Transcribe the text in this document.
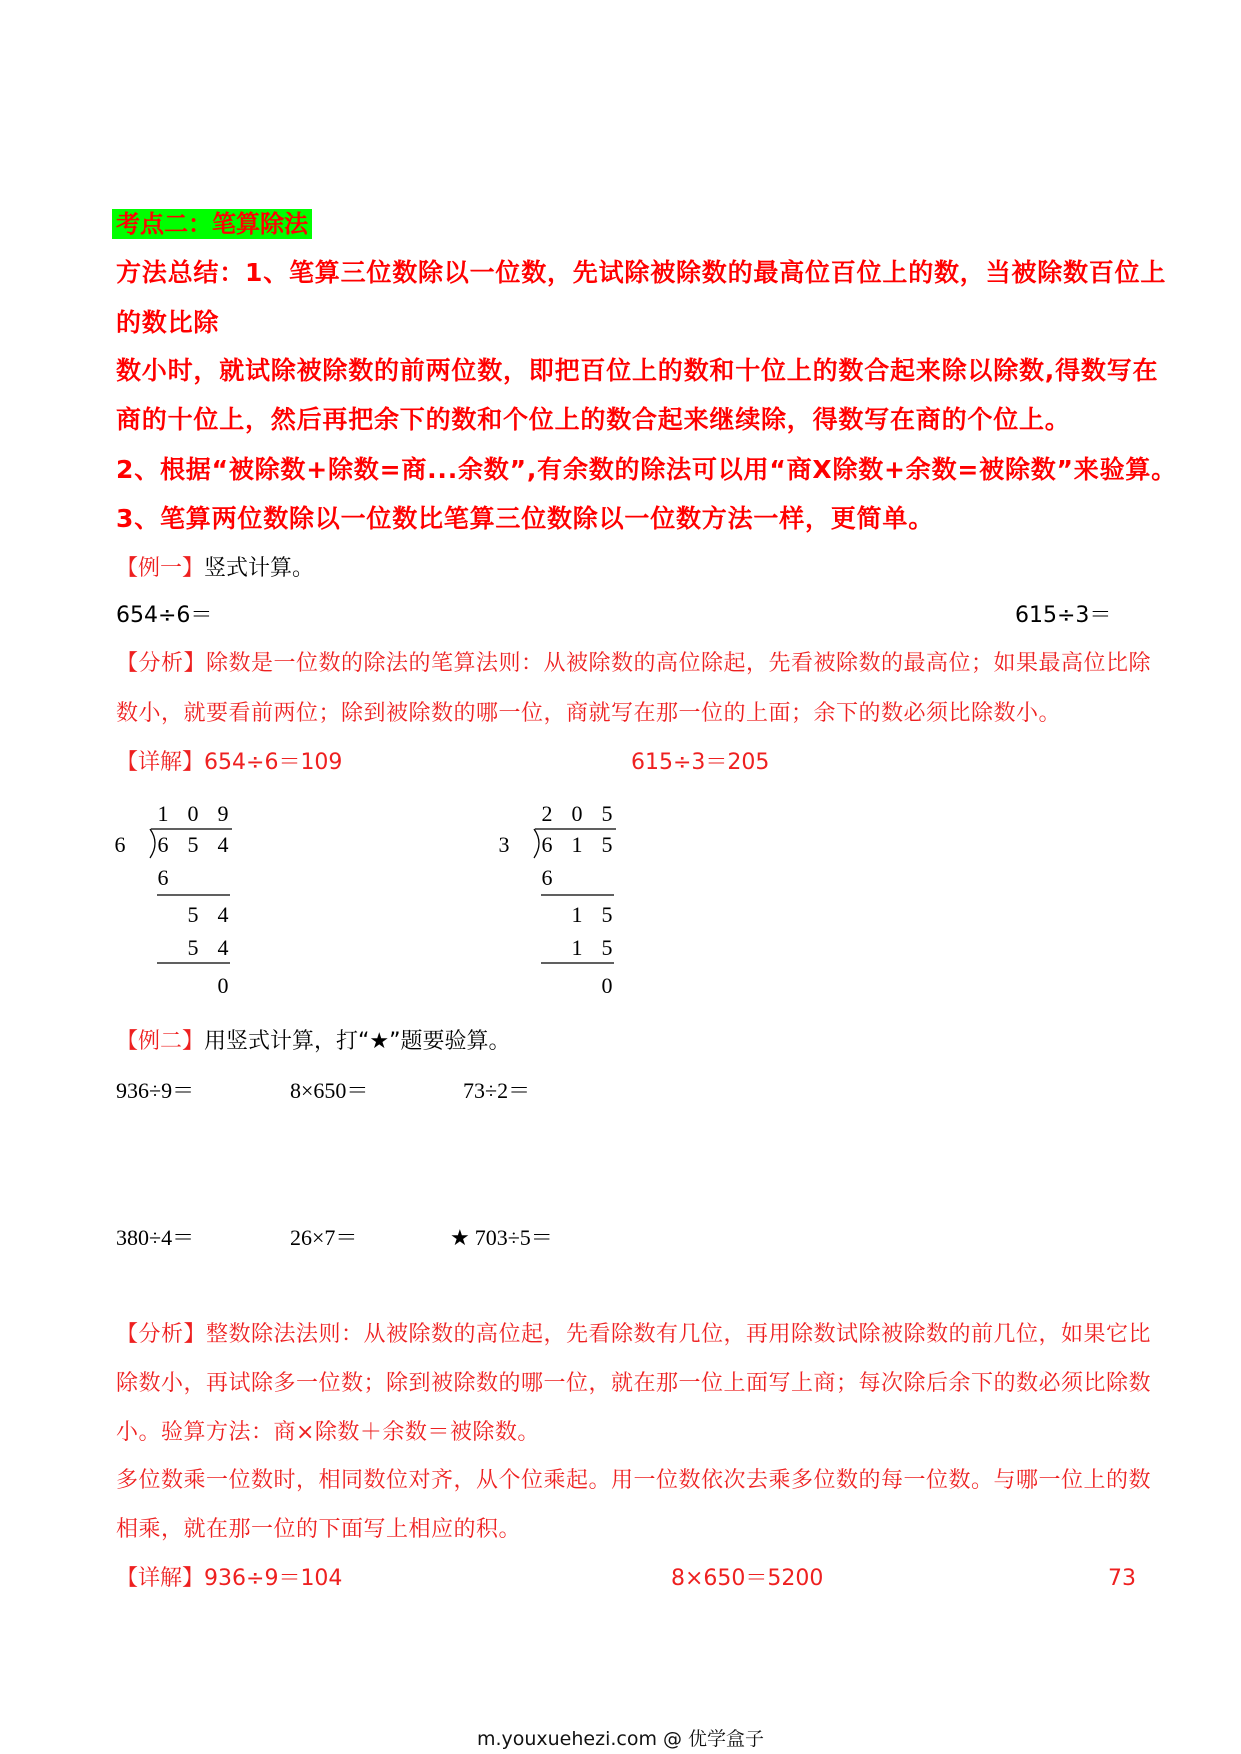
考点二：笔算除法
方法总结：1、笔算三位数除以一位数，先试除被除数的最高位百位上的数，当被除数百位上
的数比除
数小时，就试除被除数的前两位数，即把百位上的数和十位上的数合起来除以除数,得数写在
商的十位上，然后再把余下的数和个位上的数合起来继续除，得数写在商的个位上。
2、根据“被除数+除数=商...余数”,有余数的除法可以用“商X除数+余数=被除数”来验算。
3、笔算两位数除以一位数比笔算三位数除以一位数方法一样，更简单。
【例一】竖式计算。
654÷6＝	615÷3＝
【分析】除数是一位数的除法的笔算法则：从被除数的高位除起，先看被除数的最高位；如果最高位比除
数小，就要看前两位；除到被除数的哪一位，商就写在那一位的上面；余下的数必须比除数小。
【详解】654÷6＝109	615÷3＝205
1 0 9
6 6 5 4
6
5 4
5 4
0
2 0 5
3 6 1 5
6
1 5
1 5
0
【例二】用竖式计算，打“★”题要验算。
936÷9＝	8×650＝	73÷2＝
380÷4＝	26×7＝	★ 703÷5＝
【分析】整数除法法则：从被除数的高位起，先看除数有几位，再用除数试除被除数的前几位，如果它比
除数小，再试除多一位数；除到被除数的哪一位，就在那一位上面写上商；每次除后余下的数必须比除数
小。验算方法：商×除数＋余数＝被除数。
多位数乘一位数时，相同数位对齐，从个位乘起。用一位数依次去乘多位数的每一位数。与哪一位上的数
相乘，就在那一位的下面写上相应的积。
【详解】936÷9＝104	8×650＝5200	73
m.youxuehezi.com @ 优学盒子
